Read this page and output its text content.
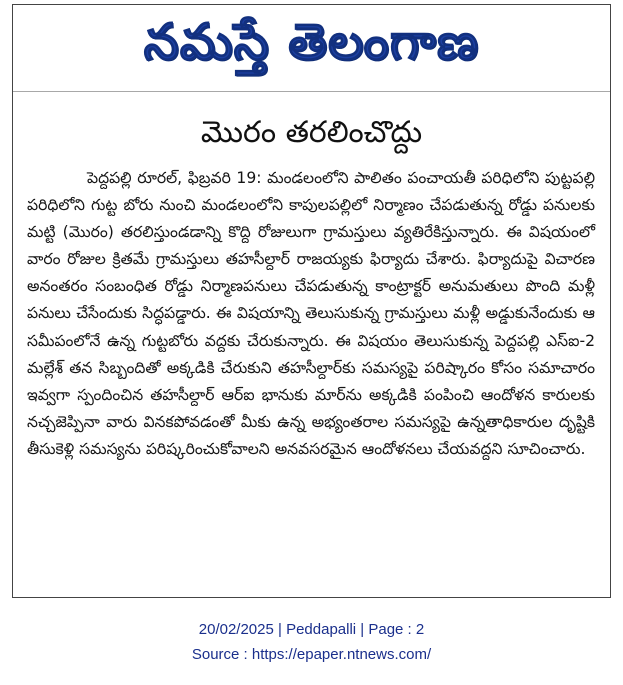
నమస్తే తెలంగాణ
మొరం తరలించొద్దు

పెద్దపల్లి రూరల్, ఫిబ్రవరి 19: మండలంలోని పాలితం పంచాయతీ పరిధిలోని పుట్టపల్లి పరిధిలోని గుట్ట బోరు నుంచి మండలంలోని కాపులపల్లిలో నిర్మాణం చేపడుతున్న రోడ్డు పనులకు మట్టి (మొరం) తరలిస్తుండడాన్ని కొద్ది రోజులుగా గ్రామస్తులు వ్యతిరేకిస్తున్నారు. ఈ విషయంలో వారం రోజుల క్రితమే గ్రామస్తులు తహసీల్దార్ రాజయ్యకు ఫిర్యాదు చేశారు. ఫిర్యాదుపై విచారణ అనంతరం సంబంధిత రోడ్డు నిర్మాణపనులు చేపడుతున్న కాంట్రాక్టర్ అనుమతులు పొంది మళ్లీ పనులు చేసేందుకు సిద్ధపడ్డారు. ఈ విషయాన్ని తెలుసుకున్న గ్రామస్తులు మళ్లీ అడ్డుకునేందుకు ఆ సమీపంలోనే ఉన్న గుట్టబోరు వద్దకు చేరుకున్నారు. ఈ విషయం తెలుసుకున్న పెద్దపల్లి ఎస్ఐ-2 మల్లేశ్ తన సిబ్బందితో అక్కడికి చేరుకుని తహసీల్దార్‌కు సమస్యపై పరిష్కారం కోసం సమాచారం ఇవ్వగా స్పందించిన తహసీల్దార్ ఆర్ఐ భానుకు మార్‌ను అక్కడికి పంపించి ఆందోళన కారులకు నచ్చజెప్పినా వారు వినకపోవడంతో మీకు ఉన్న అభ్యంతరాల సమస్యపై ఉన్నతాధికారుల దృష్టికి తీసుకెళ్లి సమస్యను పరిష్కరించుకోవాలని అనవసరమైన ఆందోళనలు చేయవద్దని సూచించారు.

20/02/2025 | Peddapalli | Page : 2
Source : https://epaper.ntnews.com/
